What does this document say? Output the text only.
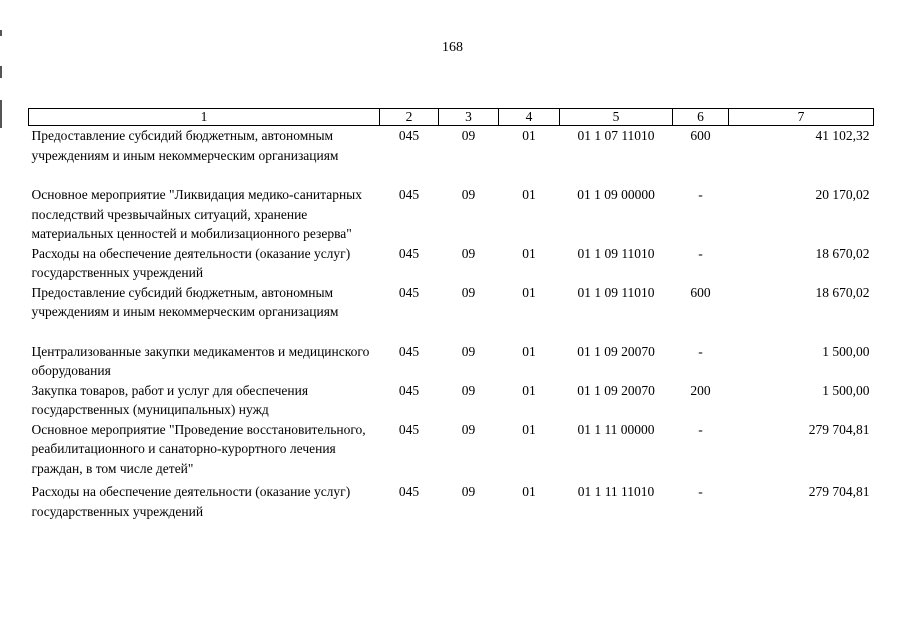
168
1	2	3	4	5	6	7
Предоставление субсидий бюджетным, автономным учреждениям и иным некоммерческим организациям	045	09	01	01 1 07 11010	600	41 102,32

Основное мероприятие "Ликвидация медико-санитарных последствий чрезвычайных ситуаций, хранение материальных ценностей и мобилизационного резерва"	045	09	01	01 1 09 00000	-	20 170,02
Расходы на обеспечение деятельности (оказание услуг) государственных учреждений	045	09	01	01 1 09 11010	-	18 670,02
Предоставление субсидий бюджетным, автономным учреждениям и иным некоммерческим организациям	045	09	01	01 1 09 11010	600	18 670,02

Централизованные закупки медикаментов и медицинского оборудования	045	09	01	01 1 09 20070	-	1 500,00
Закупка товаров, работ и услуг для обеспечения государственных (муниципальных) нужд	045	09	01	01 1 09 20070	200	1 500,00
Основное мероприятие "Проведение восстановительного, реабилитационного и санаторно-курортного лечения граждан, в том числе детей"	045	09	01	01 1 11 00000	-	279 704,81

Расходы на обеспечение деятельности (оказание услуг) государственных учреждений	045	09	01	01 1 11 11010	-	279 704,81
